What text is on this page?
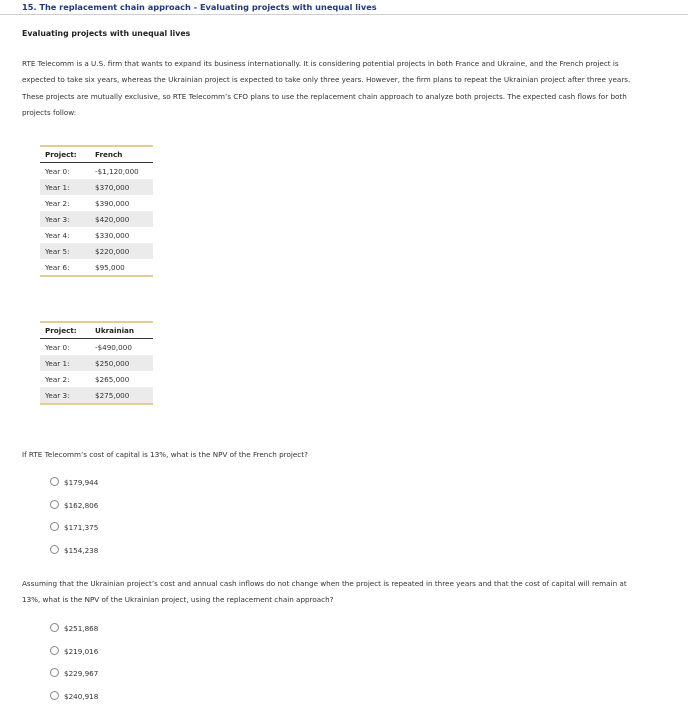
15. The replacement chain approach - Evaluating projects with unequal lives
Evaluating projects with unequal lives
RTE Telecomm is a U.S. firm that wants to expand its business internationally. It is considering potential projects in both France and Ukraine, and the French project is expected to take six years, whereas the Ukrainian project is expected to take only three years. However, the firm plans to repeat the Ukrainian project after three years. These projects are mutually exclusive, so RTE Telecomm’s CFO plans to use the replacement chain approach to analyze both projects. The expected cash flows for both projects follow:
Project:	French
Year 0:	-$1,120,000
Year 1:	$370,000
Year 2:	$390,000
Year 3:	$420,000
Year 4:	$330,000
Year 5:	$220,000
Year 6:	$95,000
Project:	Ukrainian
Year 0:	-$490,000
Year 1:	$250,000
Year 2:	$265,000
Year 3:	$275,000
If RTE Telecomm’s cost of capital is 13%, what is the NPV of the French project?
$179,944
$162,806
$171,375
$154,238
Assuming that the Ukrainian project’s cost and annual cash inflows do not change when the project is repeated in three years and that the cost of capital will remain at 13%, what is the NPV of the Ukrainian project, using the replacement chain approach?
$251,868
$219,016
$229,967
$240,918
